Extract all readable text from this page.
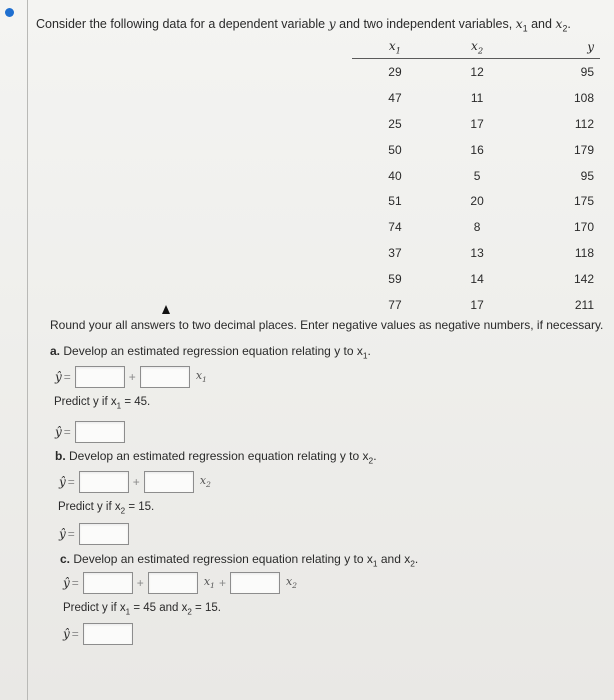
Consider the following data for a dependent variable y and two independent variables, $x_1$ and $x_2$.
$x_1$	$x_2$	y
29	12	95
47	11	108
25	17	112
50	16	179
40	5	95
51	20	175
74	8	170
37	13	118
59	14	142
77	17	211
Round your all answers to two decimal places. Enter negative values as negative numbers, if necessary.
a. Develop an estimated regression equation relating y to $x_1$.
ŷ =	+	$x_1$
Predict y if $x_1 = 45$.
ŷ =
b. Develop an estimated regression equation relating y to $x_2$.
ŷ =	+	$x_2$
Predict y if $x_2 = 15$.
ŷ =
c. Develop an estimated regression equation relating y to $x_1$ and $x_2$.
ŷ =	+	$x_1$ +	$x_2$
Predict y if $x_1 = 45$ and $x_2 = 15$.
ŷ =
